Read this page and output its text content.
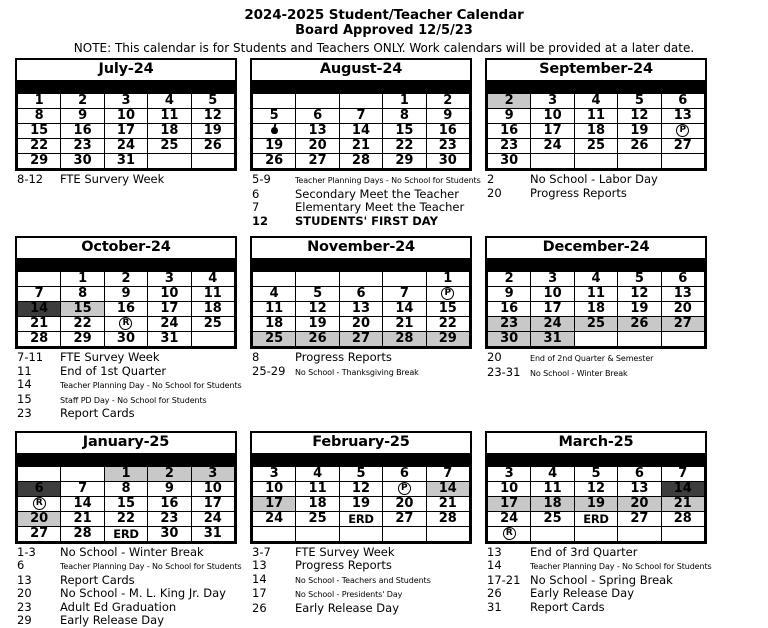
2024-2025 Student/Teacher Calendar
Board Approved 12/5/23
NOTE: This calendar is for Students and Teachers ONLY. Work calendars will be provided at a later date.
July-24
1	2	3	4	5
8	9	10	11	12
15	16	17	18	19
22	23	24	25	26
29	30	31		
8-12	FTE Survery Week
August-24
			1	2
5	6	7	8	9
	13	14	15	16
19	20	21	22	23
26	27	28	29	30
5-9	Teacher Planning Days - No School for Students
6	Secondary Meet the Teacher
7	Elementary Meet the Teacher
12	STUDENTS' FIRST DAY
September-24
2	3	4	5	6
9	10	11	12	13
16	17	18	19	P
23	24	25	26	27
30				
2	No School - Labor Day
20	Progress Reports
October-24
	1	2	3	4
7	8	9	10	11
14	15	16	17	18
21	22	R	24	25
28	29	30	31	
7-11	FTE Survey Week
11	End of 1st Quarter
14	Teacher Planning Day - No School for Students
15	Staff PD Day - No School for Students
23	Report Cards
November-24
				1
4	5	6	7	P
11	12	13	14	15
18	19	20	21	22
25	26	27	28	29
8	Progress Reports
25-29	No School - Thanksgiving Break
December-24
2	3	4	5	6
9	10	11	12	13
16	17	18	19	20
23	24	25	26	27
30	31			
20	End of 2nd Quarter & Semester
23-31	No School - Winter Break
January-25
		1	2	3
6	7	8	9	10
R	14	15	16	17
20	21	22	23	24
27	28	ERD	30	31
1-3	No School - Winter Break
6	Teacher Planning Day - No School for Students
13	Report Cards
20	No School - M. L. King Jr. Day
23	Adult Ed Graduation
29	Early Release Day
February-25
3	4	5	6	7
10	11	12	P	14
17	18	19	20	21
24	25	ERD	27	28

3-7	FTE Survey Week
13	Progress Reports
14	No School - Teachers and Students
17	No School - Presidents' Day
26	Early Release Day
March-25
3	4	5	6	7
10	11	12	13	14
17	18	19	20	21
24	25	ERD	27	28
R				
13	End of 3rd Quarter
14	Teacher Planning Day - No School for Students
17-21 No School - Spring Break
26	Early Release Day
31	Report Cards
